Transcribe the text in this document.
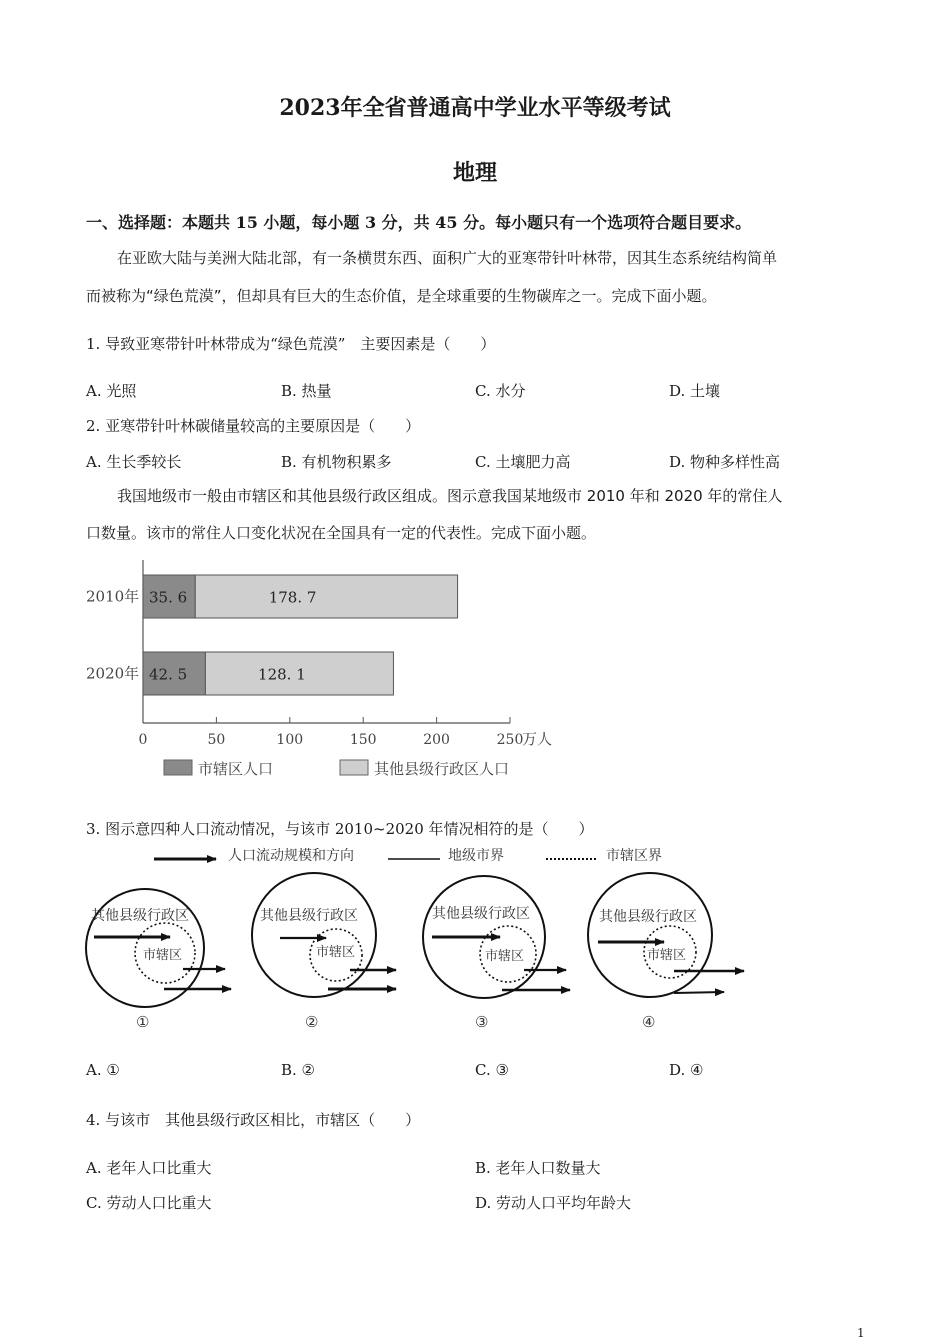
2023年全省普通高中学业水平等级考试
地理
一、选择题：本题共 15 小题，每小题 3 分，共 45 分。每小题只有一个选项符合题目要求。
在亚欧大陆与美洲大陆北部，有一条横贯东西、面积广大的亚寒带针叶林带，因其生态系统结构简单
而被称为“绿色荒漠”，但却具有巨大的生态价值，是全球重要的生物碳库之一。完成下面小题。
1. 导致亚寒带针叶林带成为“绿色荒漠”　主要因素是（　　）
A. 光照	B. 热量	C. 水分	D. 土壤
2. 亚寒带针叶林碳储量较高的主要原因是（　　）
A. 生长季较长	B. 有机物积累多	C. 土壤肥力高	D. 物种多样性高
我国地级市一般由市辖区和其他县级行政区组成。图示意我国某地级市 2010 年和 2020 年的常住人
口数量。该市的常住人口变化状况在全国具有一定的代表性。完成下面小题。
0	50	100	150	200	250
万人
2010年 35. 6	178. 7
2020年 42. 5	128. 1
市辖区人口	其他县级行政区人口
3. 图示意四种人口流动情况，与该市 2010~2020 年情况相符的是（　　）
人口流动规模和方向	地级市界	市辖区界
其他县级行政区
市辖区
①
其他县级行政区
市辖区
②
其他县级行政区
市辖区
③
其他县级行政区
市辖区
④
A. ①	B. ②	C. ③	D. ④
4. 与该市　其他县级行政区相比，市辖区（　　）
A. 老年人口比重大	B. 老年人口数量大
C. 劳动人口比重大	D. 劳动人口平均年龄大
1
